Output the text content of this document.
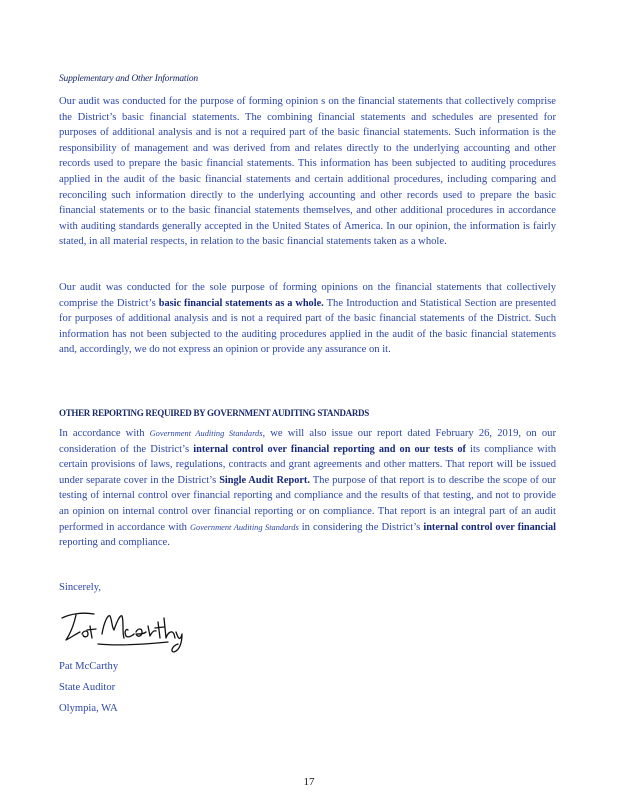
Supplementary and Other Information

Our audit was conducted for the purpose of forming opinion s on the financial statements that collectively comprise the District’s basic financial statements. The combining financial statements and schedules are presented for purposes of additional analysis and is not a required part of the basic financial statements. Such information is the responsibility of management and was derived from and relates directly to the underlying accounting and other records used to prepare the basic financial statements. This information has been subjected to auditing procedures applied in the audit of the basic financial statements and certain additional procedures, including comparing and reconciling such information directly to the underlying accounting and other records used to prepare the basic financial statements or to the basic financial statements themselves, and other additional procedures in accordance with auditing standards generally accepted in the United States of America. In our opinion, the information is fairly stated, in all material respects, in relation to the basic financial statements taken as a whole.

Our audit was conducted for the sole purpose of forming opinions on the financial statements that collectively comprise the District’s basic financial statements as a whole. The Introduction and Statistical Section are presented for purposes of additional analysis and is not a required part of the basic financial statements of the District. Such information has not been subjected to the auditing procedures applied in the audit of the basic financial statements and, accordingly, we do not express an opinion or provide any assurance on it.

OTHER REPORTING REQUIRED BY GOVERNMENT AUDITING STANDARDS

In accordance with Government Auditing Standards, we will also issue our report dated February 26, 2019, on our consideration of the District’s internal control over financial reporting and on our tests of its compliance with certain provisions of laws, regulations, contracts and grant agreements and other matters. That report will be issued under separate cover in the District’s Single Audit Report. The purpose of that report is to describe the scope of our testing of internal control over financial reporting and compliance and the results of that testing, and not to provide an opinion on internal control over financial reporting or on compliance. That report is an integral part of an audit performed in accordance with Government Auditing Standards in considering the District’s internal control over financial reporting and compliance.

Sincerely,
Pat McCarthy
State Auditor
Olympia, WA
17
